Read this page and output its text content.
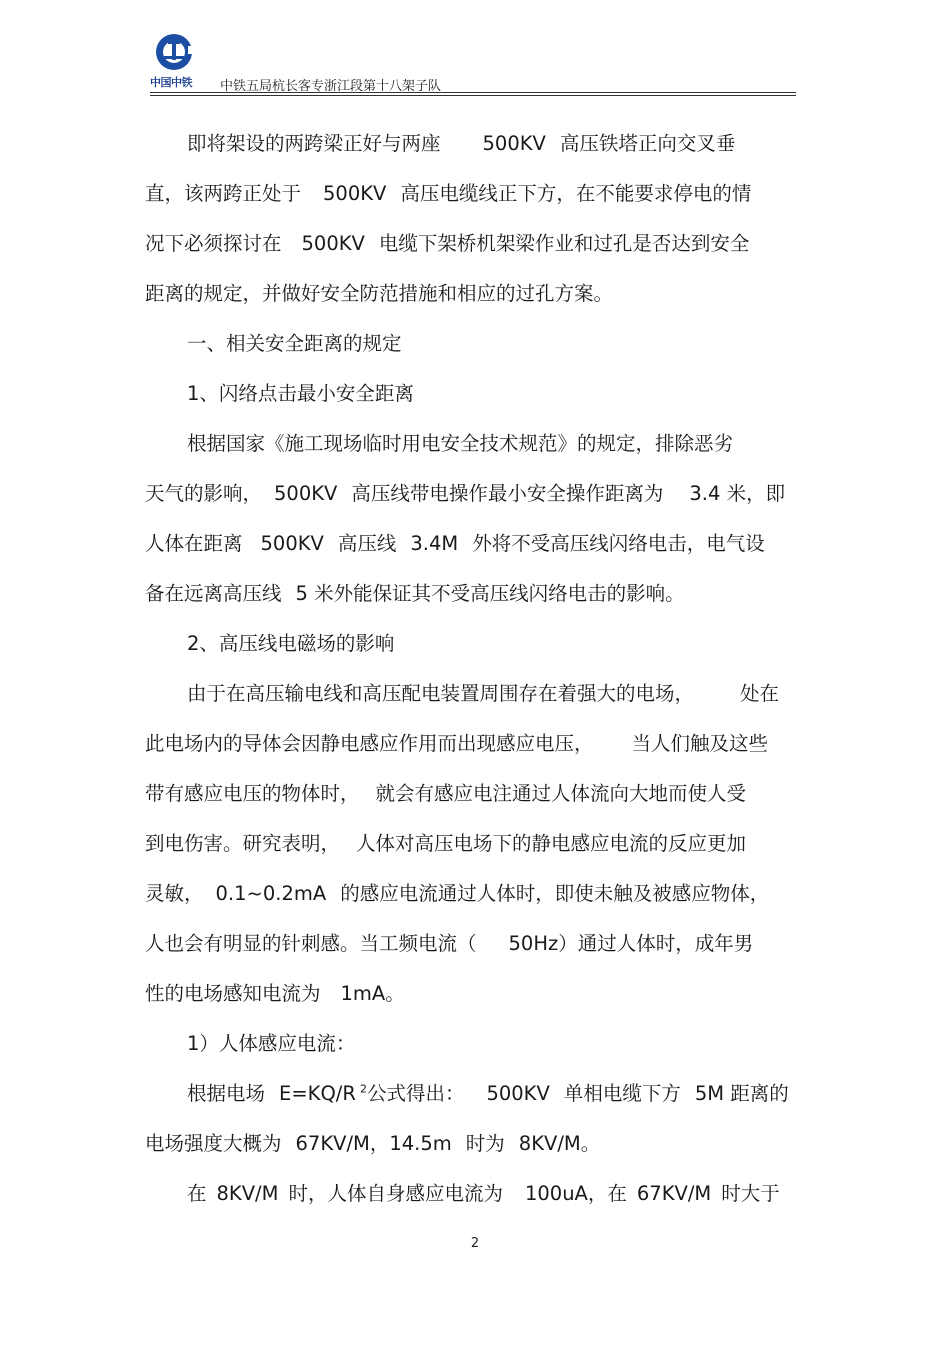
中国中铁	中铁五局杭长客专浙江段第十八架子队
即将架设的两跨梁正好与两座 500KV 高压铁塔正向交叉垂
直，该两跨正处于 500KV 高压电缆线正下方，在不能要求停电的情
况下必须探讨在 500KV 电缆下架桥机架梁作业和过孔是否达到安全
距离的规定，并做好安全防范措施和相应的过孔方案。
一、相关安全距离的规定
1、闪络点击最小安全距离
根据国家《施工现场临时用电安全技术规范》的规定，排除恶劣
天气的影响， 500KV 高压线带电操作最小安全操作距离为 3.4 米，即
人体在距离 500KV 高压线 3.4M 外将不受高压线闪络电击，电气设
备在远离高压线 5 米外能保证其不受高压线闪络电击的影响。
2、高压线电磁场的影响
由于在高压输电线和高压配电装置周围存在着强大的电场， 处在
此电场内的导体会因静电感应作用而出现感应电压， 当人们触及这些
带有感应电压的物体时， 就会有感应电注通过人体流向大地而使人受
到电伤害。研究表明， 人体对高压电场下的静电感应电流的反应更加
灵敏， 0.1~0.2mA 的感应电流通过人体时，即使未触及被感应物体，
人也会有明显的针刺感。当工频电流（ 50Hz）通过人体时，成年男
性的电场感知电流为 1mA。
1）人体感应电流：
根据电场 E=KQ/R $^2$公式得出： 500KV 单相电缆下方 5M 距离的
电场强度大概为 67KV/M，14.5m 时为 8KV/M。
在 8KV/M 时，人体自身感应电流为 100uA，在 67KV/M 时大于
2
